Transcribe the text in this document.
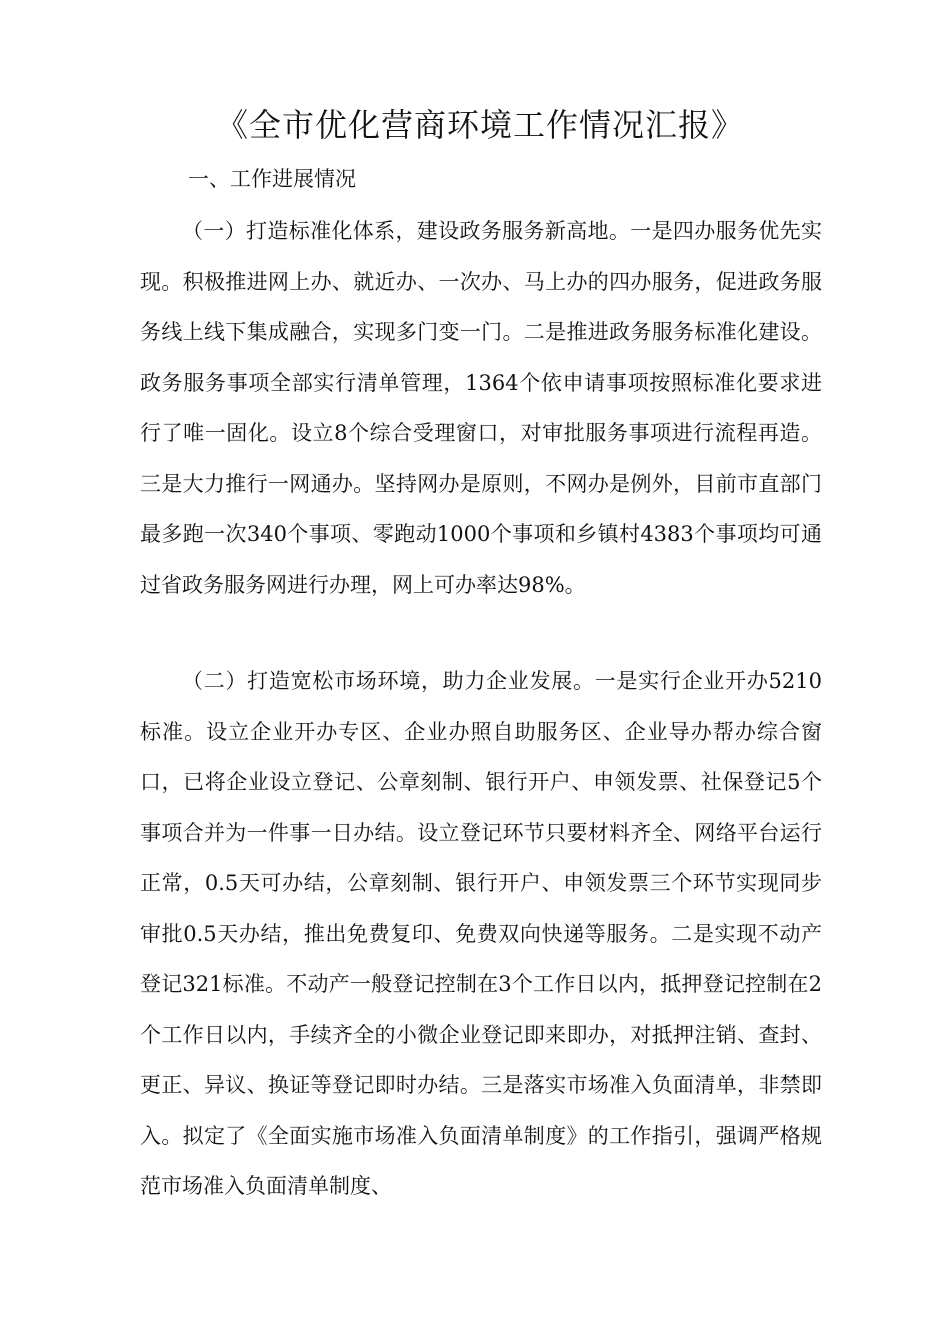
《全市优化营商环境工作情况汇报》
一、工作进展情况

（一）打造标准化体系，建设政务服务新高地。一是四办服务优先实现。积极推进网上办、就近办、一次办、马上办的四办服务，促进政务服务线上线下集成融合，实现多门变一门。二是推进政务服务标准化建设。政务服务事项全部实行清单管理，1364个依申请事项按照标准化要求进行了唯一固化。设立8个综合受理窗口，对审批服务事项进行流程再造。三是大力推行一网通办。坚持网办是原则，不网办是例外，目前市直部门最多跑一次340个事项、零跑动1000个事项和乡镇村4383个事项均可通过省政务服务网进行办理，网上可办率达98%。

（二）打造宽松市场环境，助力企业发展。一是实行企业开办5210标准。设立企业开办专区、企业办照自助服务区、企业导办帮办综合窗口，已将企业设立登记、公章刻制、银行开户、申领发票、社保登记5个事项合并为一件事一日办结。设立登记环节只要材料齐全、网络平台运行正常，0.5天可办结，公章刻制、银行开户、申领发票三个环节实现同步审批0.5天办结，推出免费复印、免费双向快递等服务。二是实现不动产登记321标准。不动产一般登记控制在3个工作日以内，抵押登记控制在2个工作日以内，手续齐全的小微企业登记即来即办，对抵押注销、查封、更正、异议、换证等登记即时办结。三是落实市场准入负面清单，非禁即入。拟定了《全面实施市场准入负面清单制度》的工作指引，强调严格规范市场准入负面清单制度、
